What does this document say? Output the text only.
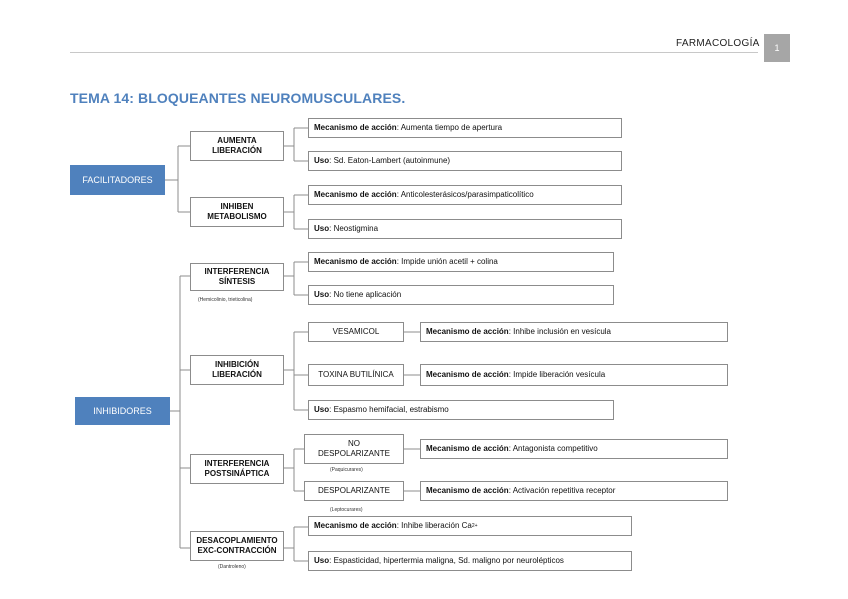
FARMACOLOGÍA	1
TEMA 14: BLOQUEANTES NEUROMUSCULARES.
FACILITADORES
AUMENTA
LIBERACIÓN
Mecanismo de acción : Aumenta tiempo de apertura
Uso : Sd. Eaton-Lambert (autoinmune)
INHIBEN
METABOLISMO
Mecanismo de acción : Anticolesterásicos/parasimpaticolítico
Uso : Neostigmina
INHIBIDORES
INTERFERENCIA
SÍNTESIS
(Hemicolinio, trieticolina)
Mecanismo de acción : Impide unión acetil + colina
Uso : No tiene aplicación
INHIBICIÓN
LIBERACIÓN
VESAMICOL	Mecanismo de acción : Inhibe inclusión en vesícula
TOXINA BUTILÍNICA	Mecanismo de acción : Impide liberación vesícula
Uso : Espasmo hemifacial, estrabismo
INTERFERENCIA
POSTSINÁPTICA
NO
DESPOLARIZANTE
(Paquicurares)
Mecanismo de acción : Antagonista competitivo
DESPOLARIZANTE
(Leptocurares)
Mecanismo de acción : Activación repetitiva receptor
DESACOPLAMIENTO
EXC-CONTRACCIÓN
(Dantroleno)
Mecanismo de acción : Inhibe liberación Ca 2+
Uso : Espasticidad, hipertermia maligna, Sd. maligno por neurolépticos
